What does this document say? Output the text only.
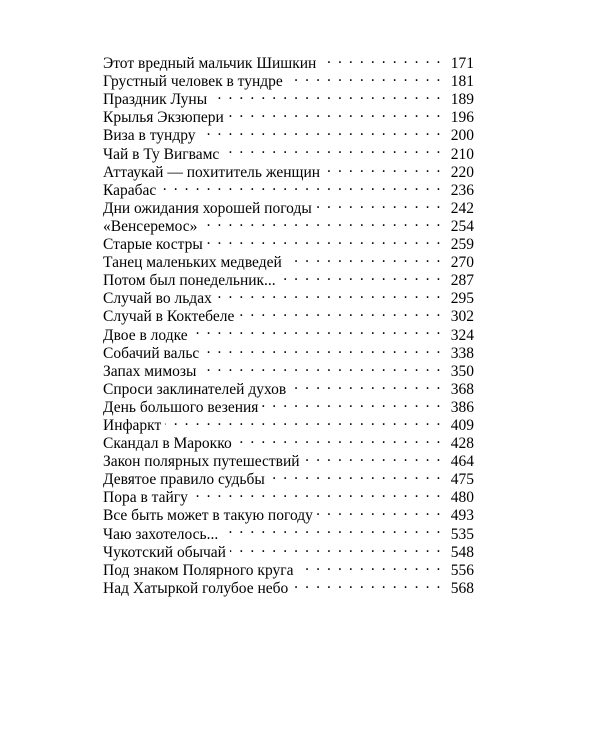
Этот вредный мальчик Шишкин . . .	171
Грустный человек в тундре . . .	181
Праздник Луны . . .	189
Крылья Экзюпери . . .	196
Виза в тундру . . .	200
Чай в Ту Вигвамс . . .	210
Аттаукай — похититель женщин . . .	220
Карабас . . .	236
Дни ожидания хорошей погоды . . .	242
«Венсеремос» . . .	254
Старые костры . . .	259
Танец маленьких медведей . . .	270
Потом был понедельник... . . .	287
Случай во льдах . . .	295
Случай в Коктебеле . . .	302
Двое в лодке . . .	324
Собачий вальс . . .	338
Запах мимозы . . .	350
Спроси заклинателей духов . . .	368
День большого везения . . .	386
Инфаркт . . .	409
Скандал в Марокко . . .	428
Закон полярных путешествий . . .	464
Девятое правило судьбы . . .	475
Пора в тайгу . . .	480
Все быть может в такую погоду . . .	493
Чаю захотелось... . . .	535
Чукотский обычай . . .	548
Под знаком Полярного круга . . .	556
Над Хатыркой голубое небо . . .	568
